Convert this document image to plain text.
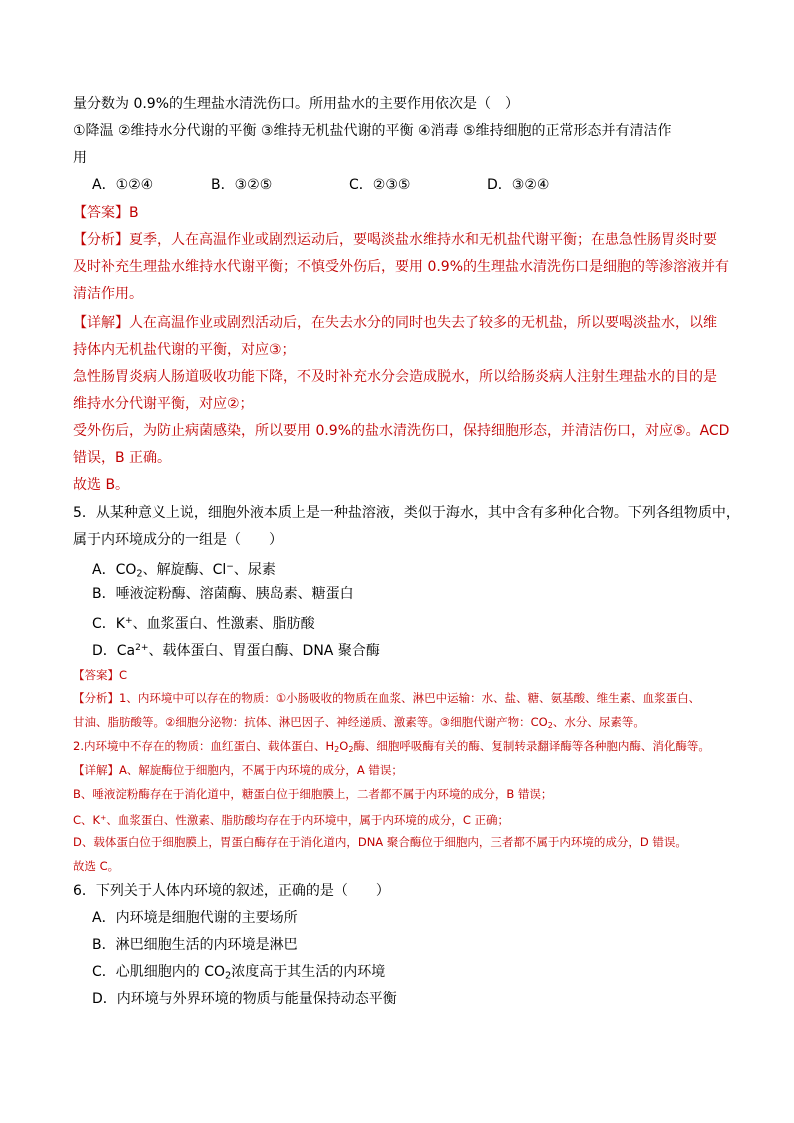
量分数为 0.9%的生理盐水清洗伤口。所用盐水的主要作用依次是（　）

①降温 ②维持水分代谢的平衡 ③维持无机盐代谢的平衡 ④消毒 ⑤维持细胞的正常形态并有清洁作

用

A．①②④	B．③②⑤	C．②③⑤	D．③②④

【答案】B

【分析】夏季，人在高温作业或剧烈运动后，要喝淡盐水维持水和无机盐代谢平衡；在患急性肠胃炎时要

及时补充生理盐水维持水代谢平衡；不慎受外伤后，要用 0.9%的生理盐水清洗伤口是细胞的等渗溶液并有

清洁作用。

【详解】人在高温作业或剧烈活动后，在失去水分的同时也失去了较多的无机盐，所以要喝淡盐水，以维

持体内无机盐代谢的平衡，对应③；

急性肠胃炎病人肠道吸收功能下降，不及时补充水分会造成脱水，所以给肠炎病人注射生理盐水的目的是

维持水分代谢平衡，对应②；

受外伤后，为防止病菌感染，所以要用 0.9%的盐水清洗伤口，保持细胞形态，并清洁伤口，对应⑤。ACD

错误，B 正确。

故选 B。

5．从某种意义上说，细胞外液本质上是一种盐溶液，类似于海水，其中含有多种化合物。下列各组物质中，

属于内环境成分的一组是（　　）

A．$CO_2$、解旋酶、Cl−、尿素

B．唾液淀粉酶、溶菌酶、胰岛素、糖蛋白

C．K+、血浆蛋白、性激素、脂肪酸

D．$Ca^{2+}$、载体蛋白、胃蛋白酶、DNA 聚合酶

【答案】C

【分析】1、内环境中可以存在的物质：①小肠吸收的物质在血浆、淋巴中运输：水、盐、糖、氨基酸、维生素、血浆蛋白、

甘油、脂肪酸等。②细胞分泌物：抗体、淋巴因子、神经递质、激素等。③细胞代谢产物：$CO_2$、水分、尿素等。

2.内环境中不存在的物质：血红蛋白、载体蛋白、$H_2O_2$酶、细胞呼吸酶有关的酶、复制转录翻译酶等各种胞内酶、消化酶等。

【详解】A、解旋酶位于细胞内，不属于内环境的成分，A 错误；

B、唾液淀粉酶存在于消化道中，糖蛋白位于细胞膜上，二者都不属于内环境的成分，B 错误；

C、K+、血浆蛋白、性激素、脂肪酸均存在于内环境中，属于内环境的成分，C 正确；

D、载体蛋白位于细胞膜上，胃蛋白酶存在于消化道内，DNA 聚合酶位于细胞内，三者都不属于内环境的成分，D 错误。

故选 C。

6．下列关于人体内环境的叙述，正确的是（　　）

A．内环境是细胞代谢的主要场所

B．淋巴细胞生活的内环境是淋巴

C．心肌细胞内的 $CO_2$浓度高于其生活的内环境

D．内环境与外界环境的物质与能量保持动态平衡
